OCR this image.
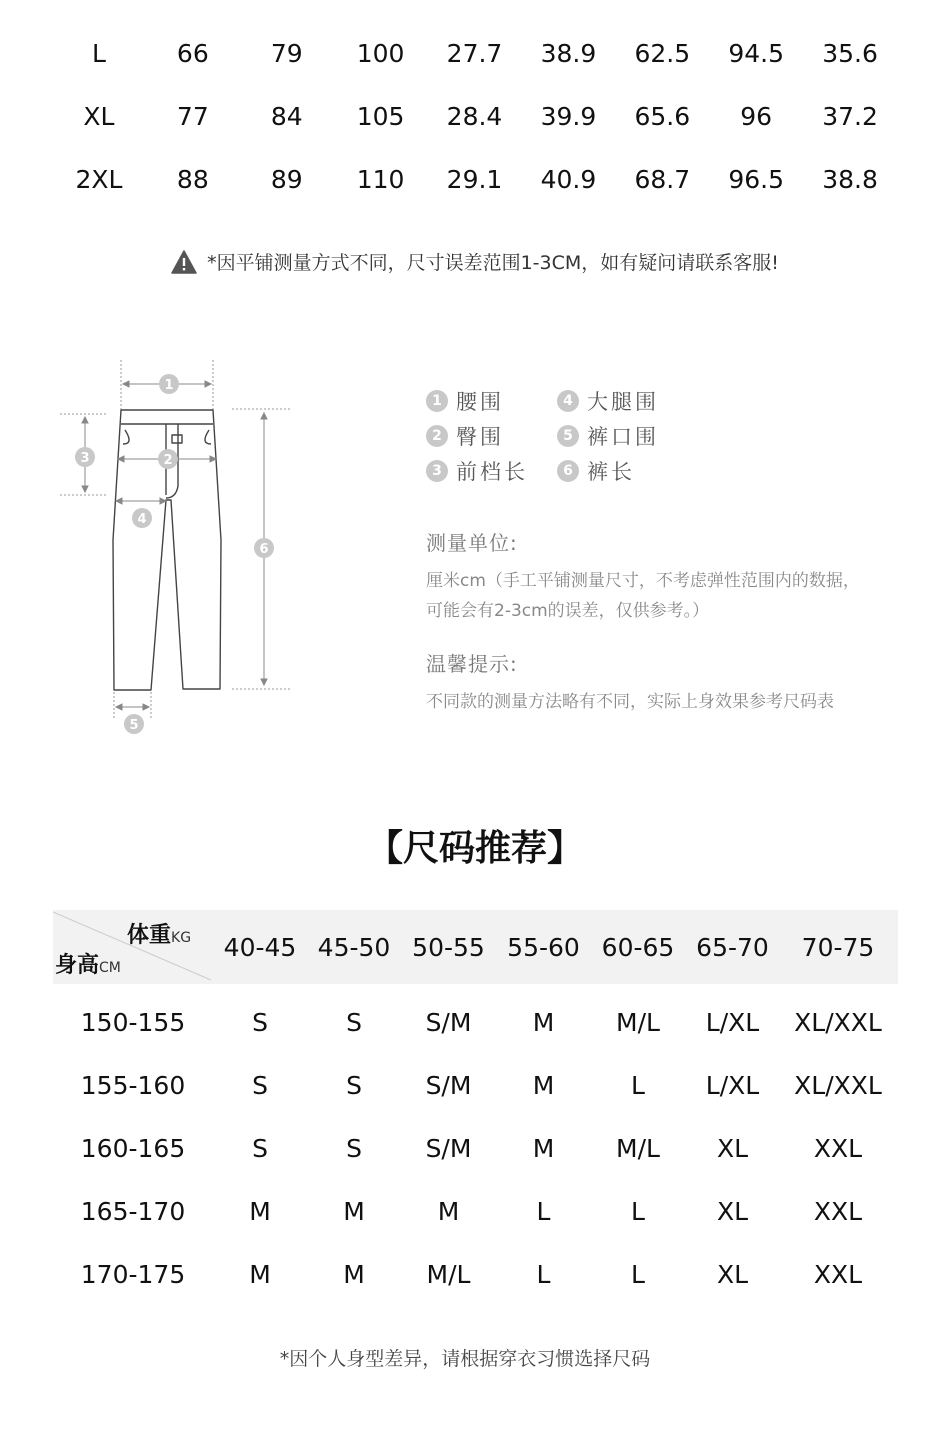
L	66	79	100	27.7	38.9	62.5	94.5	35.6
XL	77	84	105	28.4	39.9	65.6	96	37.2
2XL	88	89	110	29.1	40.9	68.7	96.5	38.8
*因平铺测量方式不同，尺寸误差范围1-3CM，如有疑问请联系客服!
1
2
3
4
5
6
1 腰围	4 大腿围
2 臀围	5 裤口围
3 前档长	6 裤长
测量单位:
厘米cm（手工平铺测量尺寸，不考虑弹性范围内的数据，
可能会有2-3cm的误差，仅供参考。）
温馨提示:
不同款的测量方法略有不同，实际上身效果参考尺码表
【尺码推荐】
体重KG
身高CM
40-45 45-50 50-55 55-60 60-65 65-70	70-75
150-155	S	S	S/M	M	M/L	L/XL	XL/XXL
155-160	S	S	S/M	M	L	L/XL	XL/XXL
160-165	S	S	S/M	M	M/L	XL	XXL
165-170	M	M	M	L	L	XL	XXL
170-175	M	M	M/L	L	L	XL	XXL
*因个人身型差异，请根据穿衣习惯选择尺码
